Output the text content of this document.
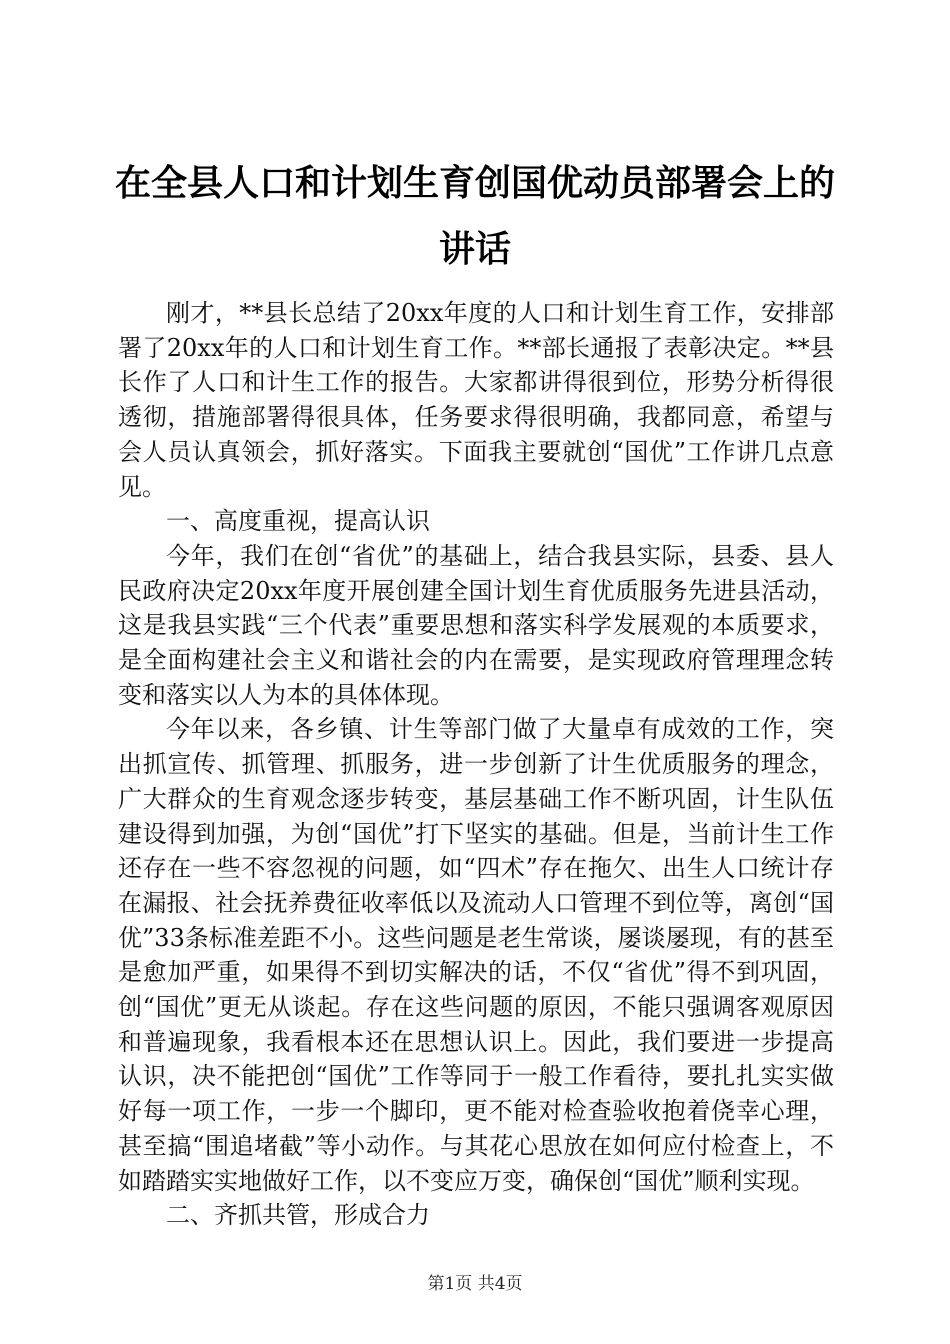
在全县人口和计划生育创国优动员部署会上的讲话

刚才，**县长总结了20xx年度的人口和计划生育工作，安排部署了20xx年的人口和计划生育工作。**部长通报了表彰决定。**县长作了人口和计生工作的报告。大家都讲得很到位，形势分析得很透彻，措施部署得很具体，任务要求得很明确，我都同意，希望与会人员认真领会，抓好落实。下面我主要就创“国优”工作讲几点意见。

一、高度重视，提高认识

今年，我们在创“省优”的基础上，结合我县实际，县委、县人民政府决定20xx年度开展创建全国计划生育优质服务先进县活动，这是我县实践“三个代表”重要思想和落实科学发展观的本质要求，是全面构建社会主义和谐社会的内在需要，是实现政府管理理念转变和落实以人为本的具体体现。

今年以来，各乡镇、计生等部门做了大量卓有成效的工作，突出抓宣传、抓管理、抓服务，进一步创新了计生优质服务的理念，广大群众的生育观念逐步转变，基层基础工作不断巩固，计生队伍建设得到加强，为创“国优”打下坚实的基础。但是，当前计生工作还存在一些不容忽视的问题，如“四术”存在拖欠、出生人口统计存在漏报、社会抚养费征收率低以及流动人口管理不到位等，离创“国优”33条标准差距不小。这些问题是老生常谈，屡谈屡现，有的甚至是愈加严重，如果得不到切实解决的话，不仅“省优”得不到巩固，创“国优”更无从谈起。存在这些问题的原因，不能只强调客观原因和普遍现象，我看根本还在思想认识上。因此，我们要进一步提高认识，决不能把创“国优”工作等同于一般工作看待，要扎扎实实做好每一项工作，一步一个脚印，更不能对检查验收抱着侥幸心理，甚至搞“围追堵截”等小动作。与其花心思放在如何应付检查上，不如踏踏实实地做好工作，以不变应万变，确保创“国优”顺利实现。

二、齐抓共管，形成合力

第1页 共4页
